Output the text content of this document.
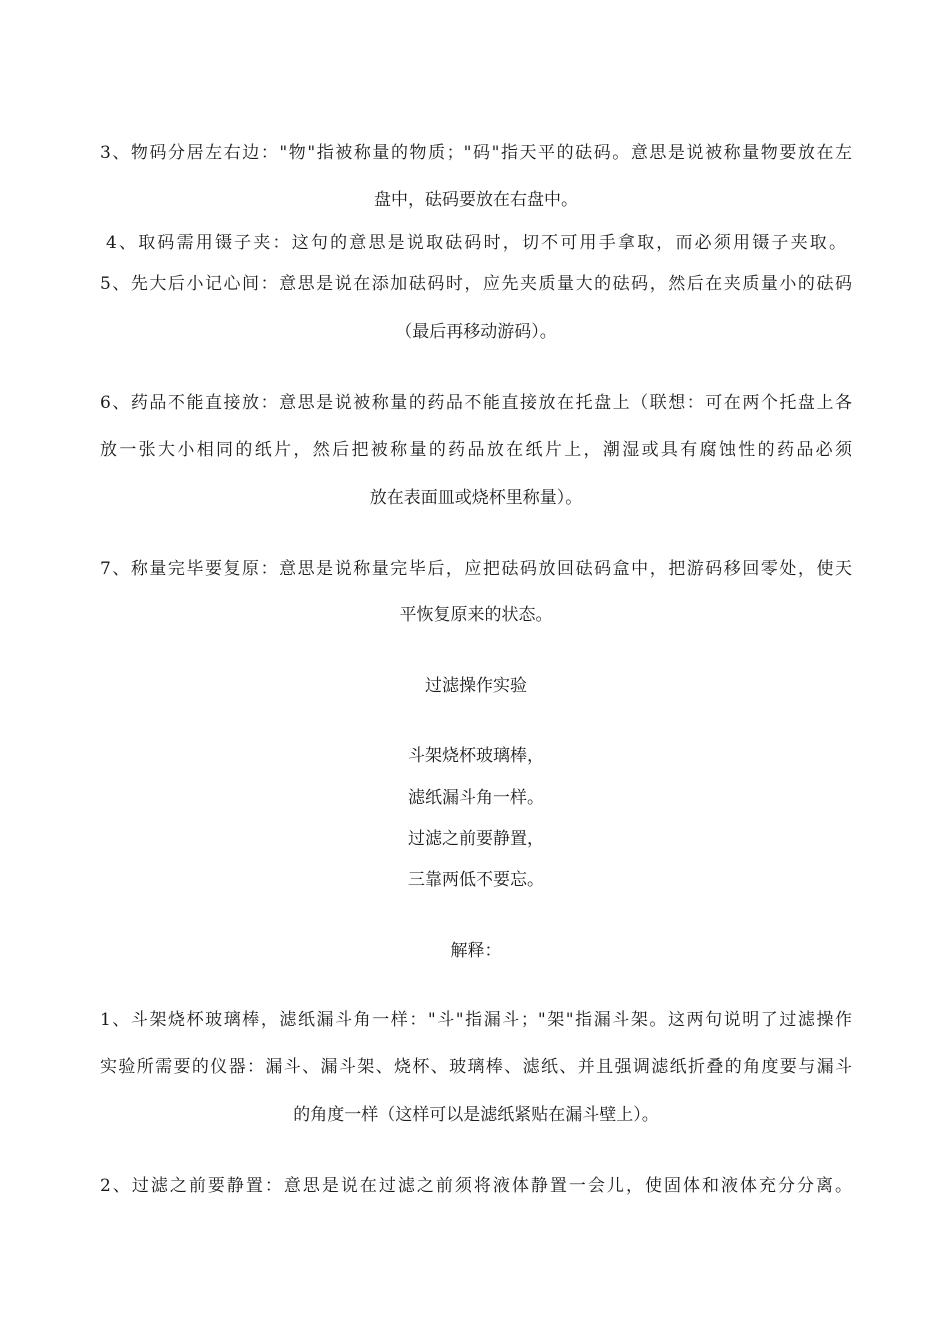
3、物码分居左右边："物"指被称量的物质；"码"指天平的砝码。意思是说被称量物要放在左
盘中，砝码要放在右盘中。
4、取码需用镊子夹：这句的意思是说取砝码时，切不可用手拿取，而必须用镊子夹取。
5、先大后小记心间：意思是说在添加砝码时，应先夹质量大的砝码，然后在夹质量小的砝码
（最后再移动游码）。
6、药品不能直接放：意思是说被称量的药品不能直接放在托盘上（联想：可在两个托盘上各
放一张大小相同的纸片，然后把被称量的药品放在纸片上，潮湿或具有腐蚀性的药品必须
放在表面皿或烧杯里称量）。
7、称量完毕要复原：意思是说称量完毕后，应把砝码放回砝码盒中，把游码移回零处，使天
平恢复原来的状态。
过滤操作实验
斗架烧杯玻璃棒，
滤纸漏斗角一样。
过滤之前要静置，
三靠两低不要忘。
解释：
1、斗架烧杯玻璃棒，滤纸漏斗角一样："斗"指漏斗；"架"指漏斗架。这两句说明了过滤操作
实验所需要的仪器：漏斗、漏斗架、烧杯、玻璃棒、滤纸、并且强调滤纸折叠的角度要与漏斗
的角度一样（这样可以是滤纸紧贴在漏斗壁上）。
2、过滤之前要静置：意思是说在过滤之前须将液体静置一会儿，使固体和液体充分分离。
